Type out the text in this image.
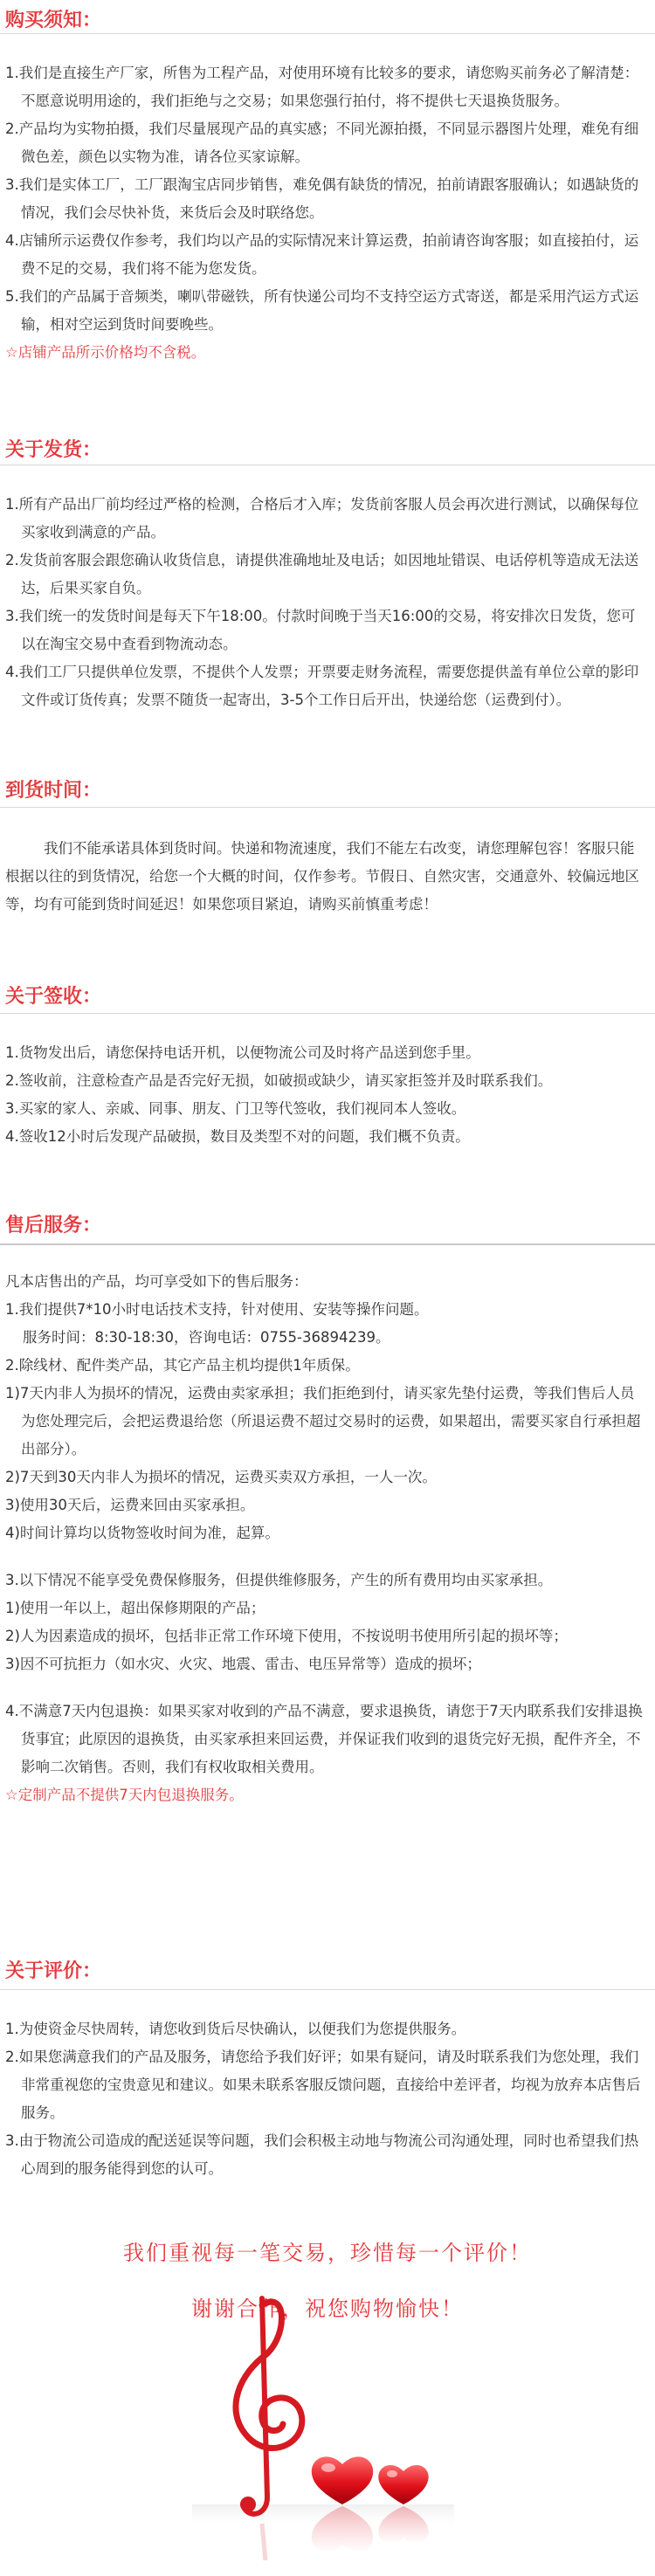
购买须知：

1.我们是直接生产厂家，所售为工程产品，对使用环境有比较多的要求，请您购买前务必了解清楚：不愿意说明用途的，我们拒绝与之交易；如果您强行拍付，将不提供七天退换货服务。

2.产品均为实物拍摄，我们尽量展现产品的真实感；不同光源拍摄，不同显示器图片处理，难免有细微色差，颜色以实物为准，请各位买家谅解。

3.我们是实体工厂，工厂跟淘宝店同步销售，难免偶有缺货的情况，拍前请跟客服确认；如遇缺货的情况，我们会尽快补货，来货后会及时联络您。

4.店铺所示运费仅作参考，我们均以产品的实际情况来计算运费，拍前请咨询客服；如直接拍付，运费不足的交易，我们将不能为您发货。

5.我们的产品属于音频类，喇叭带磁铁，所有快递公司均不支持空运方式寄送，都是采用汽运方式运输，相对空运到货时间要晚些。

☆店铺产品所示价格均不含税。

关于发货：

1.所有产品出厂前均经过严格的检测，合格后才入库；发货前客服人员会再次进行测试，以确保每位买家收到满意的产品。

2.发货前客服会跟您确认收货信息，请提供准确地址及电话；如因地址错误、电话停机等造成无法送达，后果买家自负。

3.我们统一的发货时间是每天下午18:00。付款时间晚于当天16:00的交易，将安排次日发货，您可以在淘宝交易中查看到物流动态。

4.我们工厂只提供单位发票，不提供个人发票；开票要走财务流程，需要您提供盖有单位公章的影印文件或订货传真；发票不随货一起寄出，3-5个工作日后开出，快递给您（运费到付）。

到货时间：

我们不能承诺具体到货时间。快递和物流速度，我们不能左右改变，请您理解包容！客服只能根据以往的到货情况，给您一个大概的时间，仅作参考。节假日、自然灾害，交通意外、较偏远地区等，均有可能到货时间延迟！如果您项目紧迫，请购买前慎重考虑！

关于签收：

1.货物发出后，请您保持电话开机，以便物流公司及时将产品送到您手里。

2.签收前，注意检查产品是否完好无损，如破损或缺少，请买家拒签并及时联系我们。

3.买家的家人、亲戚、同事、朋友、门卫等代签收，我们视同本人签收。

4.签收12小时后发现产品破损，数目及类型不对的问题，我们概不负责。

售后服务：

凡本店售出的产品，均可享受如下的售后服务：

1.我们提供7*10小时电话技术支持，针对使用、安装等操作问题。

服务时间：8:30-18:30，咨询电话：0755-36894239。

2.除线材、配件类产品，其它产品主机均提供1年质保。

1)7天内非人为损坏的情况，运费由卖家承担；我们拒绝到付，请买家先垫付运费，等我们售后人员为您处理完后，会把运费退给您（所退运费不超过交易时的运费，如果超出，需要买家自行承担超出部分）。

2)7天到30天内非人为损坏的情况，运费买卖双方承担，一人一次。

3)使用30天后，运费来回由买家承担。

4)时间计算均以货物签收时间为准，起算。

3.以下情况不能享受免费保修服务，但提供维修服务，产生的所有费用均由买家承担。

1)使用一年以上，超出保修期限的产品；

2)人为因素造成的损坏，包括非正常工作环境下使用，不按说明书使用所引起的损坏等；

3)因不可抗拒力（如水灾、火灾、地震、雷击、电压异常等）造成的损坏；

4.不满意7天内包退换：如果买家对收到的产品不满意，要求退换货，请您于7天内联系我们安排退换货事宜；此原因的退换货，由买家承担来回运费，并保证我们收到的退货完好无损，配件齐全，不影响二次销售。否则，我们有权收取相关费用。

☆定制产品不提供7天内包退换服务。

关于评价：

1.为使资金尽快周转，请您收到货后尽快确认，以便我们为您提供服务。

2.如果您满意我们的产品及服务，请您给予我们好评；如果有疑问，请及时联系我们为您处理，我们非常重视您的宝贵意见和建议。如果未联系客服反馈问题，直接给中差评者，均视为放弃本店售后服务。

3.由于物流公司造成的配送延误等问题，我们会积极主动地与物流公司沟通处理，同时也希望我们热心周到的服务能得到您的认可。

我们重视每一笔交易，珍惜每一个评价！
谢谢合作，祝您购物愉快！
